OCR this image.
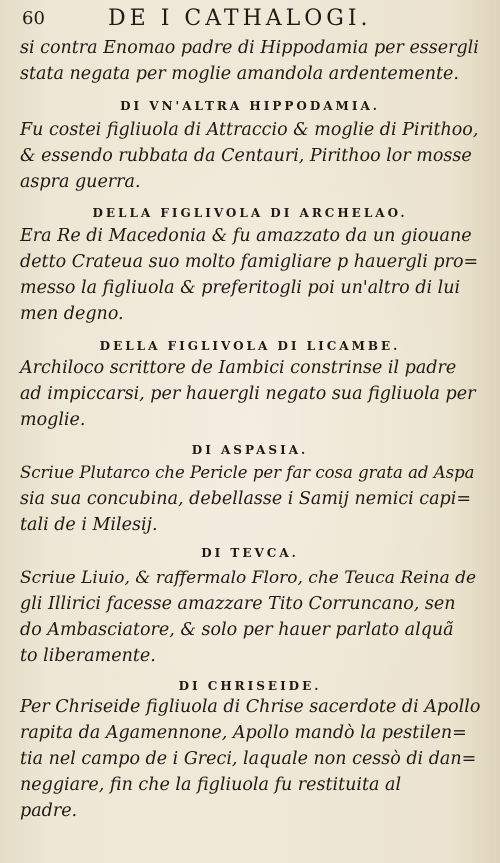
60	DE I CATHALOGI.
si contra Enomao padre di Hippodamia per essergli
stata negata per moglie amandola ardentemente.
DI VN'ALTRA HIPPODAMIA.
Fu costei figliuola di Attraccio & moglie di Pirithoo,
& essendo rubbata da Centauri, Pirithoo lor mosse
aspra guerra.
DELLA FIGLIVOLA DI ARCHELAO.
Era Re di Macedonia & fu amazzato da un giouane
detto Crateua suo molto famigliare p hauergli pro=
messo la figliuola & preferitogli poi un'altro di lui
men degno.
DELLA FIGLIVOLA DI LICAMBE.
Archiloco scrittore de Iambici constrinse il padre
ad impiccarsi, per hauergli negato sua figliuola per
moglie.
DI ASPASIA.
Scriue Plutarco che Pericle per far cosa grata ad Aspa
sia sua concubina, debellasse i Samij nemici capi=
tali de i Milesij.
DI TEVCA.
Scriue Liuio, & raffermalo Floro, che Teuca Reina de
gli Illirici facesse amazzare Tito Corruncano, sen
do Ambasciatore, & solo per hauer parlato alquã
to liberamente.
DI CHRISEIDE.
Per Chriseide figliuola di Chrise sacerdote di Apollo
rapita da Agamennone, Apollo mandò la pestilen=
tia nel campo de i Greci, laquale non cessò di dan=
neggiare, fin che la figliuola fu restituita al
padre.
